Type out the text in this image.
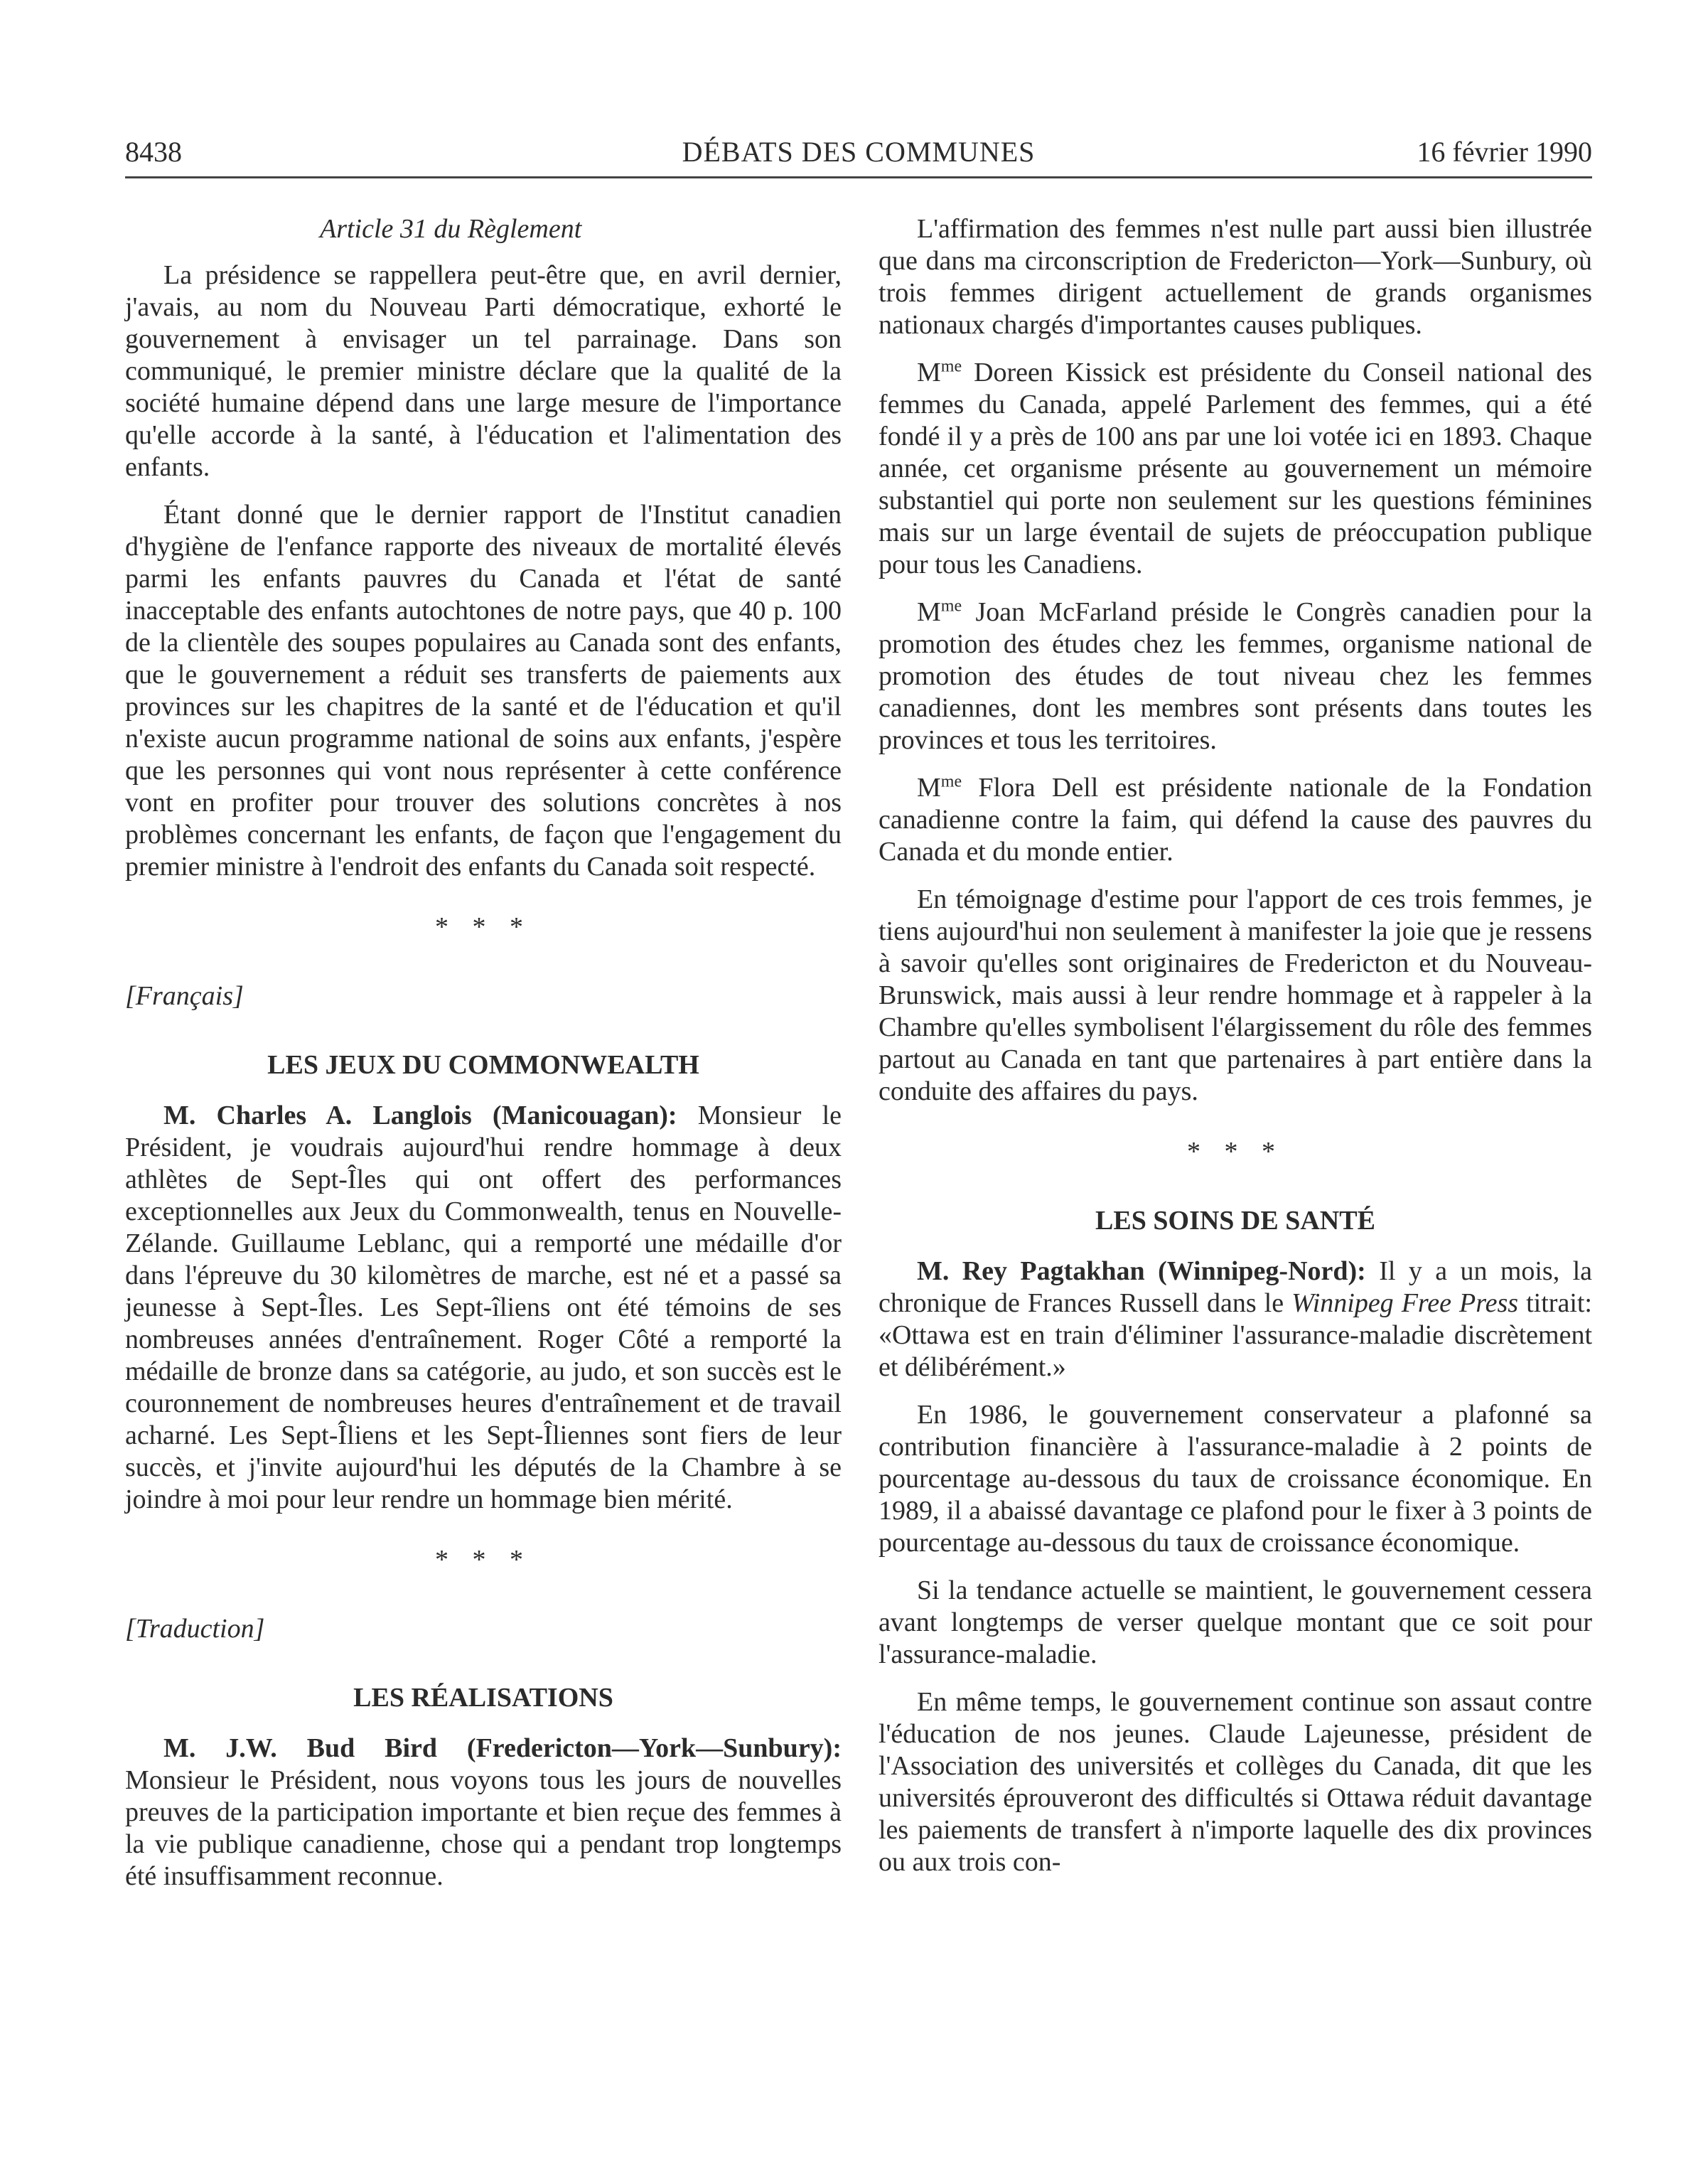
8438	DÉBATS DES COMMUNES	16 février 1990
Article 31 du Règlement

La présidence se rappellera peut-être que, en avril dernier, j'avais, au nom du Nouveau Parti démocratique, exhorté le gouvernement à envisager un tel parrainage. Dans son communiqué, le premier ministre déclare que la qualité de la société humaine dépend dans une large mesure de l'importance qu'elle accorde à la santé, à l'éducation et l'alimentation des enfants.

Étant donné que le dernier rapport de l'Institut canadien d'hygiène de l'enfance rapporte des niveaux de mortalité élevés parmi les enfants pauvres du Canada et l'état de santé inacceptable des enfants autochtones de notre pays, que 40 p. 100 de la clientèle des soupes populaires au Canada sont des enfants, que le gouvernement a réduit ses transferts de paiements aux provinces sur les chapitres de la santé et de l'éducation et qu'il n'existe aucun programme national de soins aux enfants, j'espère que les personnes qui vont nous représenter à cette conférence vont en profiter pour trouver des solutions concrètes à nos problèmes concernant les enfants, de façon que l'engagement du premier ministre à l'endroit des enfants du Canada soit respecté.

* * *
[Français]
LES JEUX DU COMMONWEALTH

M. Charles A. Langlois (Manicouagan): Monsieur le Président, je voudrais aujourd'hui rendre hommage à deux athlètes de Sept-Îles qui ont offert des performances exceptionnelles aux Jeux du Commonwealth, tenus en Nouvelle-Zélande. Guillaume Leblanc, qui a remporté une médaille d'or dans l'épreuve du 30 kilomètres de marche, est né et a passé sa jeunesse à Sept-Îles. Les Sept-îliens ont été témoins de ses nombreuses années d'entraînement. Roger Côté a remporté la médaille de bronze dans sa catégorie, au judo, et son succès est le couronnement de nombreuses heures d'entraînement et de travail acharné. Les Sept-Îliens et les Sept-Îliennes sont fiers de leur succès, et j'invite aujourd'hui les députés de la Chambre à se joindre à moi pour leur rendre un hommage bien mérité.

* * *
[Traduction]
LES RÉALISATIONS

M. J.W. Bud Bird (Fredericton—York—Sunbury): Monsieur le Président, nous voyons tous les jours de nouvelles preuves de la participation importante et bien reçue des femmes à la vie publique canadienne, chose qui a pendant trop longtemps été insuffisamment reconnue.

L'affirmation des femmes n'est nulle part aussi bien illustrée que dans ma circonscription de Fredericton—York—Sunbury, où trois femmes dirigent actuellement de grands organismes nationaux chargés d'importantes causes publiques.

$M^{me}$ Doreen Kissick est présidente du Conseil national des femmes du Canada, appelé Parlement des femmes, qui a été fondé il y a près de 100 ans par une loi votée ici en 1893. Chaque année, cet organisme présente au gouvernement un mémoire substantiel qui porte non seulement sur les questions féminines mais sur un large éventail de sujets de préoccupation publique pour tous les Canadiens.

$M^{me}$ Joan McFarland préside le Congrès canadien pour la promotion des études chez les femmes, organisme national de promotion des études de tout niveau chez les femmes canadiennes, dont les membres sont présents dans toutes les provinces et tous les territoires.

$M^{me}$ Flora Dell est présidente nationale de la Fondation canadienne contre la faim, qui défend la cause des pauvres du Canada et du monde entier.

En témoignage d'estime pour l'apport de ces trois femmes, je tiens aujourd'hui non seulement à manifester la joie que je ressens à savoir qu'elles sont originaires de Fredericton et du Nouveau-Brunswick, mais aussi à leur rendre hommage et à rappeler à la Chambre qu'elles symbolisent l'élargissement du rôle des femmes partout au Canada en tant que partenaires à part entière dans la conduite des affaires du pays.

* * *
LES SOINS DE SANTÉ

M. Rey Pagtakhan (Winnipeg-Nord): Il y a un mois, la chronique de Frances Russell dans le Winnipeg Free Press titrait: «Ottawa est en train d'éliminer l'assurance-maladie discrètement et délibérément.»

En 1986, le gouvernement conservateur a plafonné sa contribution financière à l'assurance-maladie à 2 points de pourcentage au-dessous du taux de croissance économique. En 1989, il a abaissé davantage ce plafond pour le fixer à 3 points de pourcentage au-dessous du taux de croissance économique.

Si la tendance actuelle se maintient, le gouvernement cessera avant longtemps de verser quelque montant que ce soit pour l'assurance-maladie.

En même temps, le gouvernement continue son assaut contre l'éducation de nos jeunes. Claude Lajeunesse, président de l'Association des universités et collèges du Canada, dit que les universités éprouveront des difficultés si Ottawa réduit davantage les paiements de transfert à n'importe laquelle des dix provinces ou aux trois con-
